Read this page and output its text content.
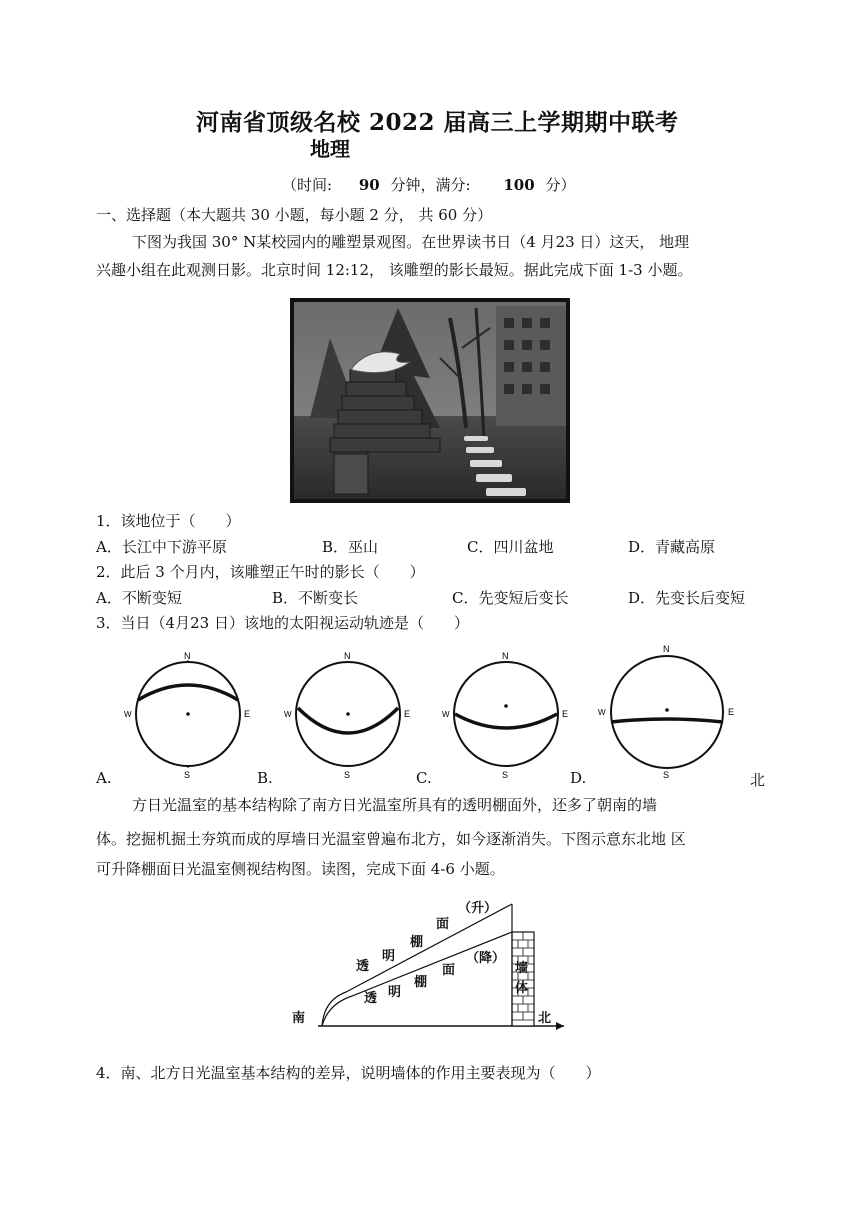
河南省顶级名校 2022 届高三上学期期中联考
地理
（时间: 90 分钟，满分: 100 分）
一、选择题（本大题共 30 小题，每小题 2 分， 共 60 分）
下图为我国 30° N某校园内的雕塑景观图。在世界读书日（4 月23 日）这天， 地理
兴趣小组在此观测日影。北京时间 12:12， 该雕塑的影长最短。据此完成下面 1-3 小题。
1．该地位于（　　）
A．长江中下游平原	B．巫山	C．四川盆地	D．青藏高原
2．此后 3 个月内，该雕塑正午时的影长（　　）
A．不断变短	B．不断变长	C．先变短后变长	D．先变长后变短
3．当日（4月23 日）该地的太阳视运动轨迹是（　　）
N
S
W	E
N
S
W	E
N
S
W	E
N
S
W	E
A.	B.	C.	D.	北
方日光温室的基本结构除了南方日光温室所具有的透明棚面外，还多了朝南的墙
体。挖掘机掘土夯筑而成的厚墙日光温室曾遍布北方，如今逐渐消失。下图示意东北地 区
可升降棚面日光温室侧视结构图。读图，完成下面 4-6 小题。
透
明
棚
面
（升）
透 明
棚
面
（降）
墙
体
南	北
4．南、北方日光温室基本结构的差异，说明墙体的作用主要表现为（　　）
